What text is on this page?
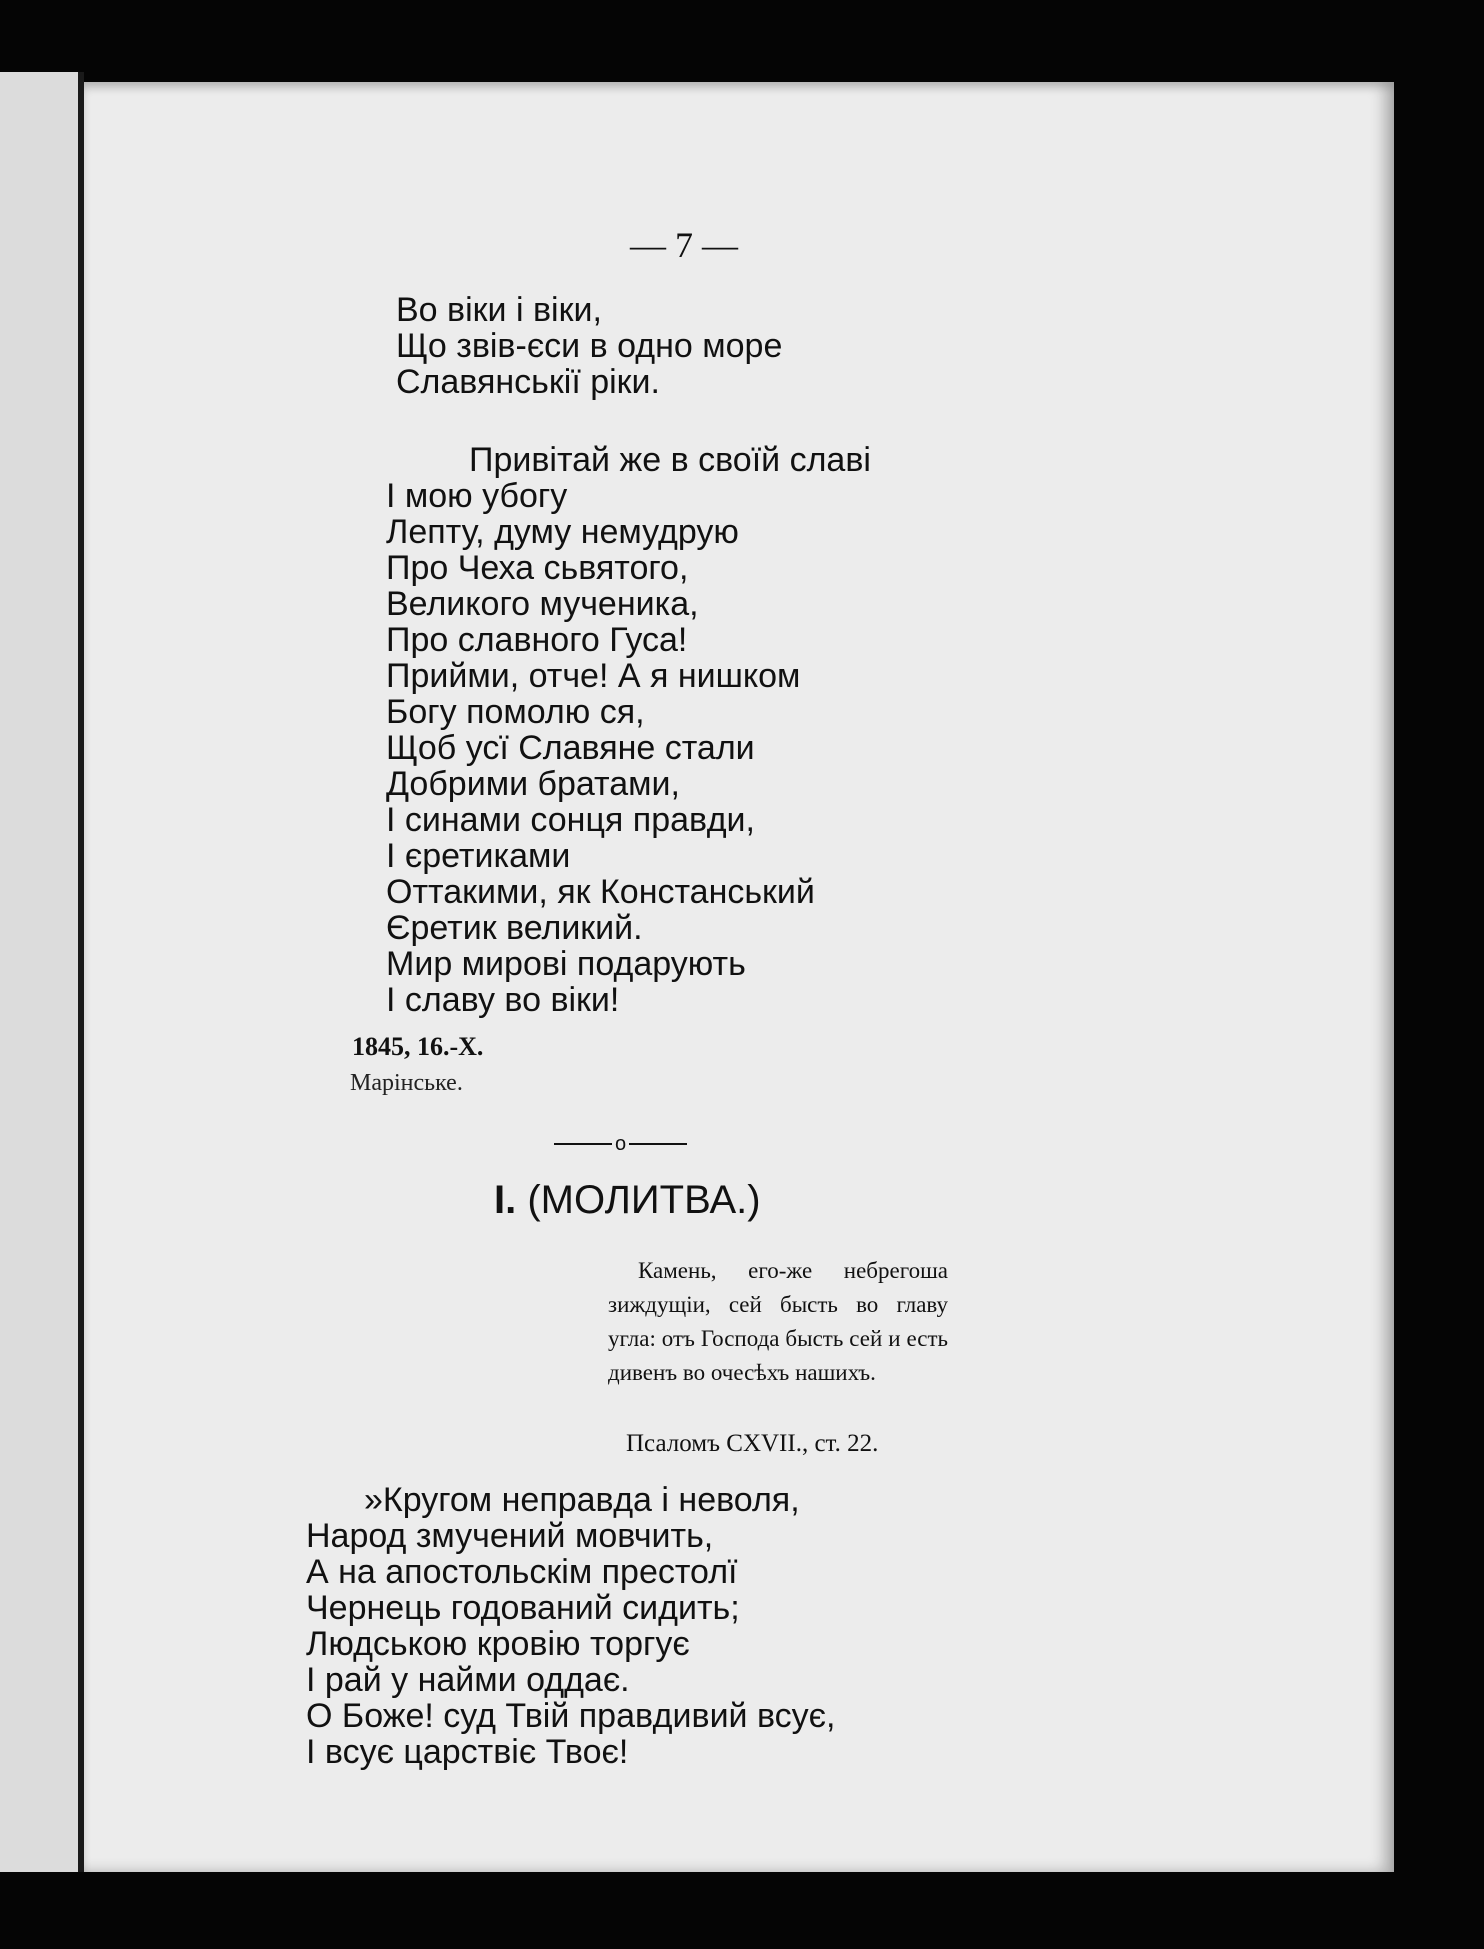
— 7 —
Во віки і віки,
Що звів-єси в одно море
Славянськії ріки.
Привітай же в своїй славі
І мою убогу
Лепту, думу немудрую
Про Чеха сьвятого,
Великого мученика,
Про славного Гуса!
Прийми, отче! А я нишком
Богу помолю ся,
Щоб усї Славяне стали
Добрими братами,
І синами сонця правди,
І єретиками
Оттакими, як Констанський
Єретик великий.
Мир мирові подарують
І славу во віки!
1845, 16.-X.
Марінське.
o
I. (МОЛИТВА.)
Камень, его-же небрегоша зиждущіи, сей бысть во главу угла: отъ Господа бысть сей и есть дивенъ во очесѣхъ нашихъ.
Псаломъ CXVII., ст. 22.
»Кругом неправда і неволя,
Народ змучений мовчить,
А на апостольскім престолї
Чернець годований сидить;
Людською кровію торгує
І рай у найми оддає.
О Боже! суд Твій правдивий всує,
І всує царствіє Твоє!
